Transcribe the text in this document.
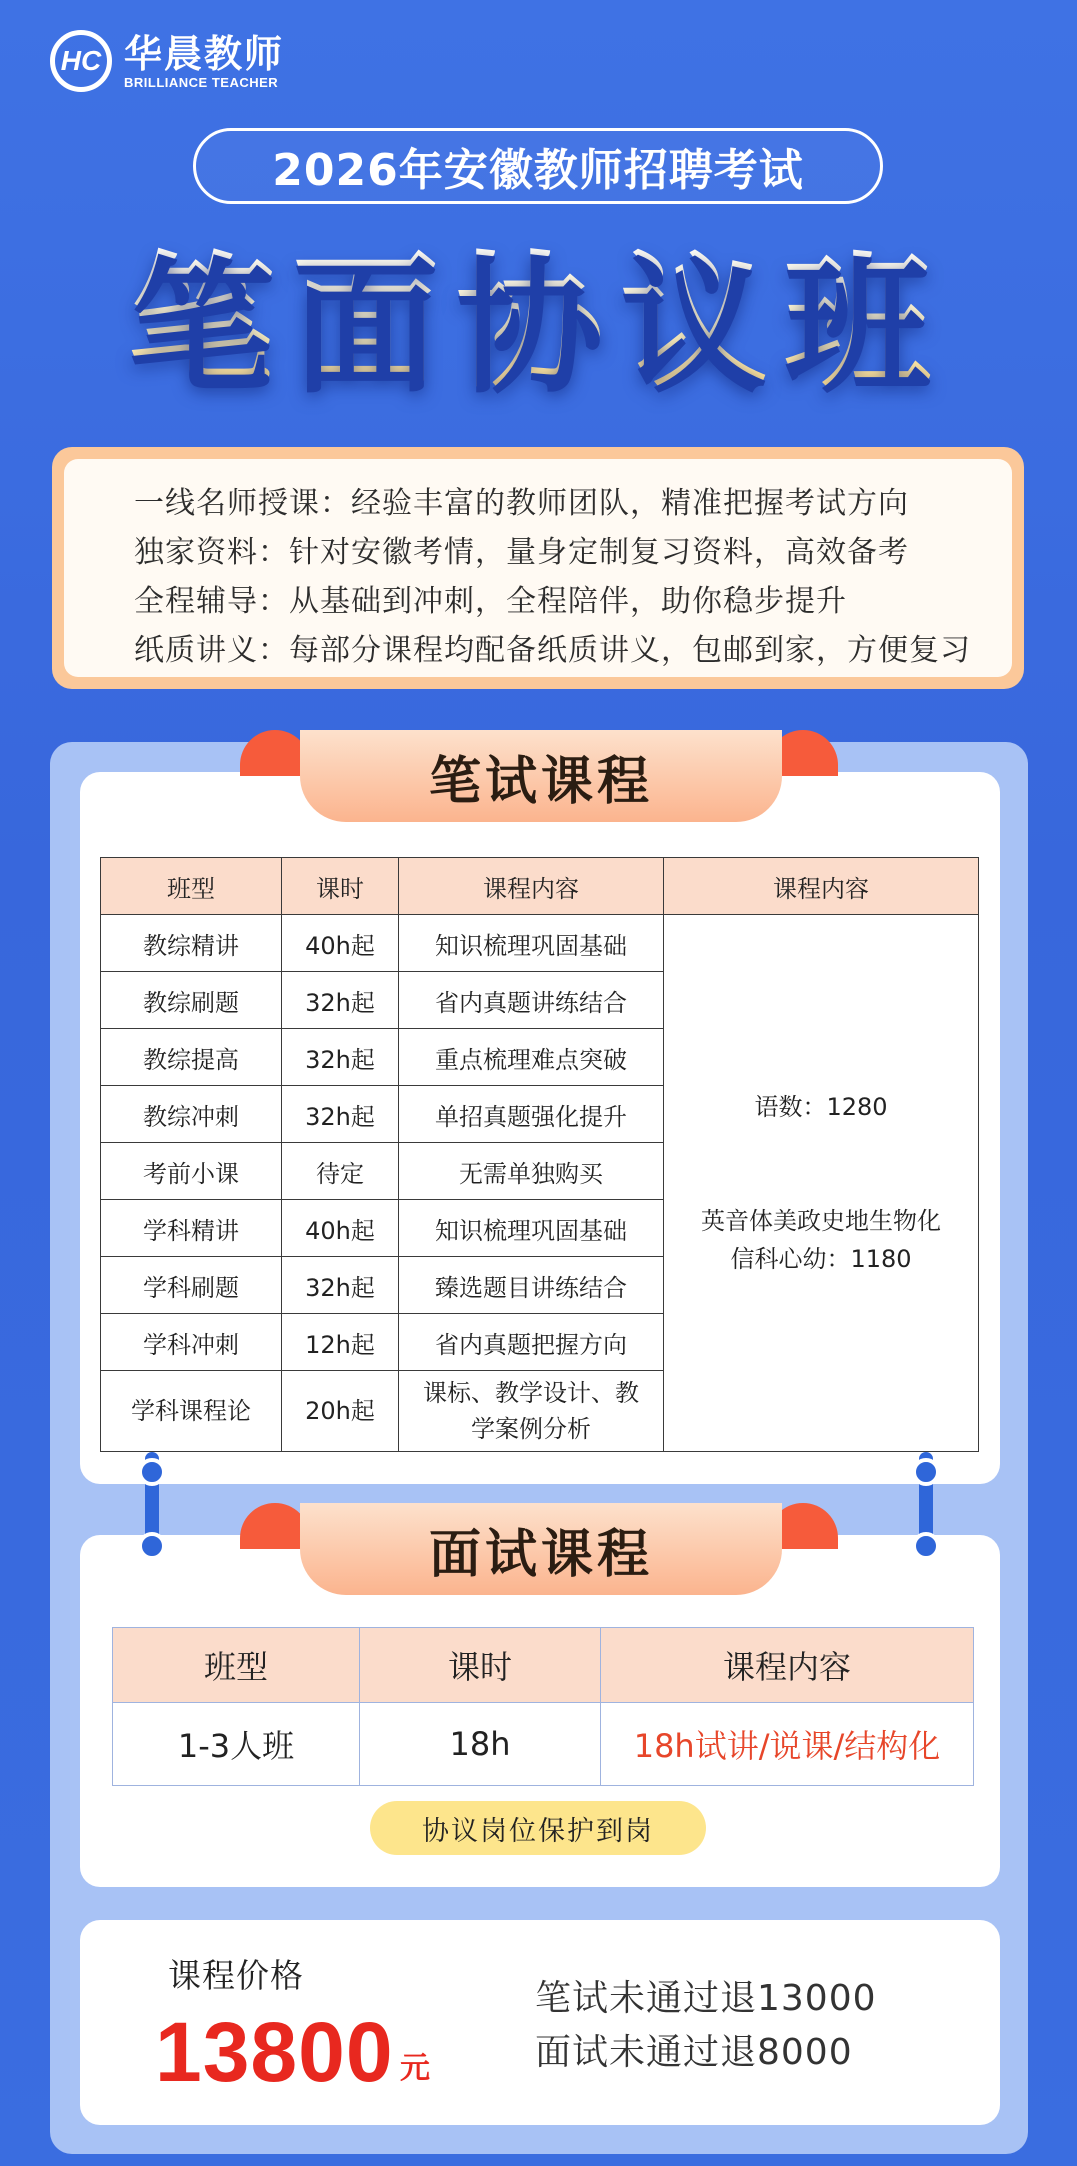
HC 华晨教师
BRILLIANCE TEACHER
2026年安徽教师招聘考试
笔面协议班
一线名师授课：经验丰富的教师团队，精准把握考试方向
独家资料：针对安徽考情，量身定制复习资料，高效备考
全程辅导：从基础到冲刺，全程陪伴，助你稳步提升
纸质讲义：每部分课程均配备纸质讲义，包邮到家，方便复习
笔试课程
班型	课时	课程内容	课程内容
教综精讲	40h起	知识梳理巩固基础	语数：1280
英音体美政史地生物化
信科心幼：1180

教综刷题	32h起	省内真题讲练结合	
教综提高	32h起	重点梳理难点突破	
教综冲刺	32h起	单招真题强化提升	
考前小课	待定	无需单独购买	
学科精讲	40h起	知识梳理巩固基础	
学科刷题	32h起	臻选题目讲练结合	
学科冲刺	12h起	省内真题把握方向	
学科课程论	20h起	课标、教学设计、教学案例分析	
面试课程
班型	课时	课程内容
1-3人班	18h	18h试讲/说课/结构化
协议岗位保护到岗
课程价格
13800 元
笔试未通过退13000
面试未通过退8000
